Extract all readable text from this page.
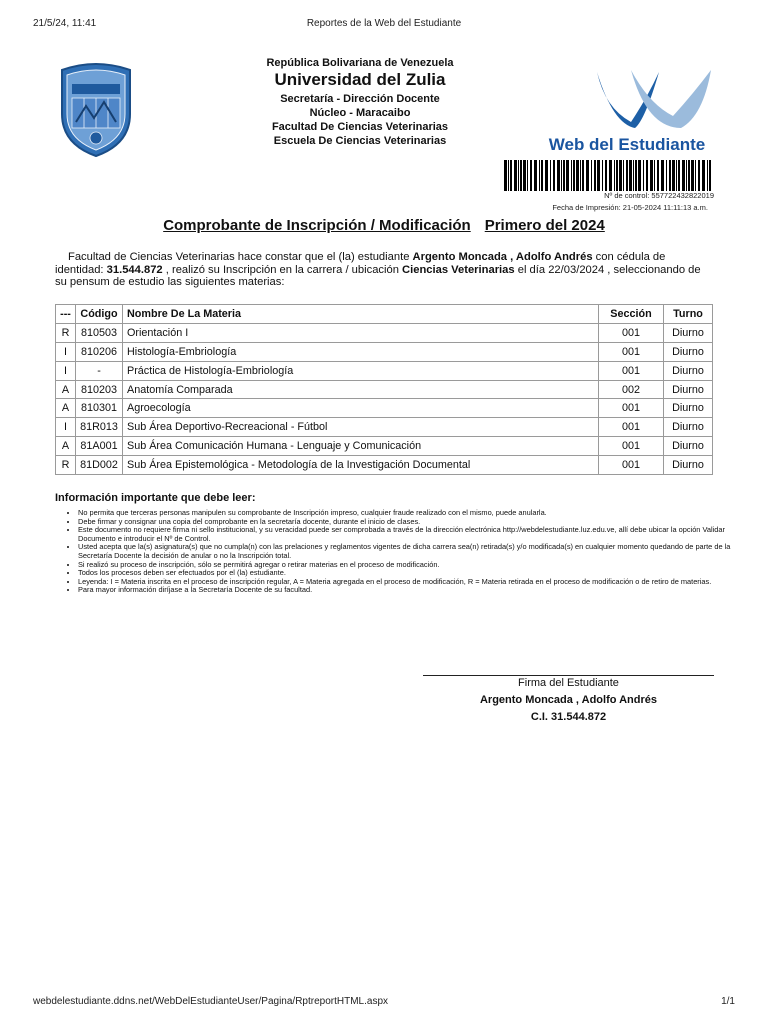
21/5/24, 11:41	Reportes de la Web del Estudiante
República Bolivariana de Venezuela
Universidad del Zulia
Secretaría - Dirección Docente
Núcleo - Maracaibo
Facultad De Ciencias Veterinarias
Escuela De Ciencias Veterinarias	Web del Estudiante
Nº de control: 557722432822019
Fecha de Impresión: 21-05-2024 11:11:13 a.m.
Comprobante de Inscripción / Modificación Primero del 2024
Facultad de Ciencias Veterinarias hace constar que el (la) estudiante Argento Moncada , Adolfo Andrés con cédula de identidad: 31.544.872 , realizó su Inscripción en la carrera / ubicación Ciencias Veterinarias el día 22/03/2024 , seleccionando de su pensum de estudio las siguientes materias:
---	Código	Nombre De La Materia	Sección	Turno
R	810503	Orientación I	001	Diurno
I	810206	Histología-Embriología	001	Diurno
I	-	Práctica de Histología-Embriología	001	Diurno
A	810203	Anatomía Comparada	002	Diurno
A	810301	Agroecología	001	Diurno
I	81R013	Sub Área Deportivo-Recreacional - Fútbol	001	Diurno
A	81A001	Sub Área Comunicación Humana - Lenguaje y Comunicación	001	Diurno
R	81D002	Sub Área Epistemológica - Metodología de la Investigación Documental	001	Diurno
Información importante que debe leer:
• No permita que terceras personas manipulen su comprobante de Inscripción impreso, cualquier fraude realizado con el mismo, puede anularla.
• Debe firmar y consignar una copia del comprobante en la secretaría docente, durante el inicio de clases.
• Este documento no requiere firma ni sello institucional, y su veracidad puede ser comprobada a través de la dirección electrónica http://webdelestudiante.luz.edu.ve, allí debe ubicar la opción Validar Documento e introducir el Nº de Control.
• Usted acepta que la(s) asignatura(s) que no cumpla(n) con las prelaciones y reglamentos vigentes de dicha carrera sea(n) retirada(s) y/o modificada(s) en cualquier momento quedando de parte de la Secretaría Docente la decisión de anular o no la Inscripción total.
• Si realizó su proceso de inscripción, sólo se permitirá agregar o retirar materias en el proceso de modificación.
• Todos los procesos deben ser efectuados por el (la) estudiante.
• Leyenda: I = Materia inscrita en el proceso de inscripción regular, A = Materia agregada en el proceso de modificación, R = Materia retirada en el proceso de modificación o de retiro de materias.
• Para mayor información diríjase a la Secretaría Docente de su facultad.
Firma del Estudiante
Argento Moncada , Adolfo Andrés
C.I. 31.544.872
webdelestudiante.ddns.net/WebDelEstudianteUser/Pagina/RptreportHTML.aspx	1/1
